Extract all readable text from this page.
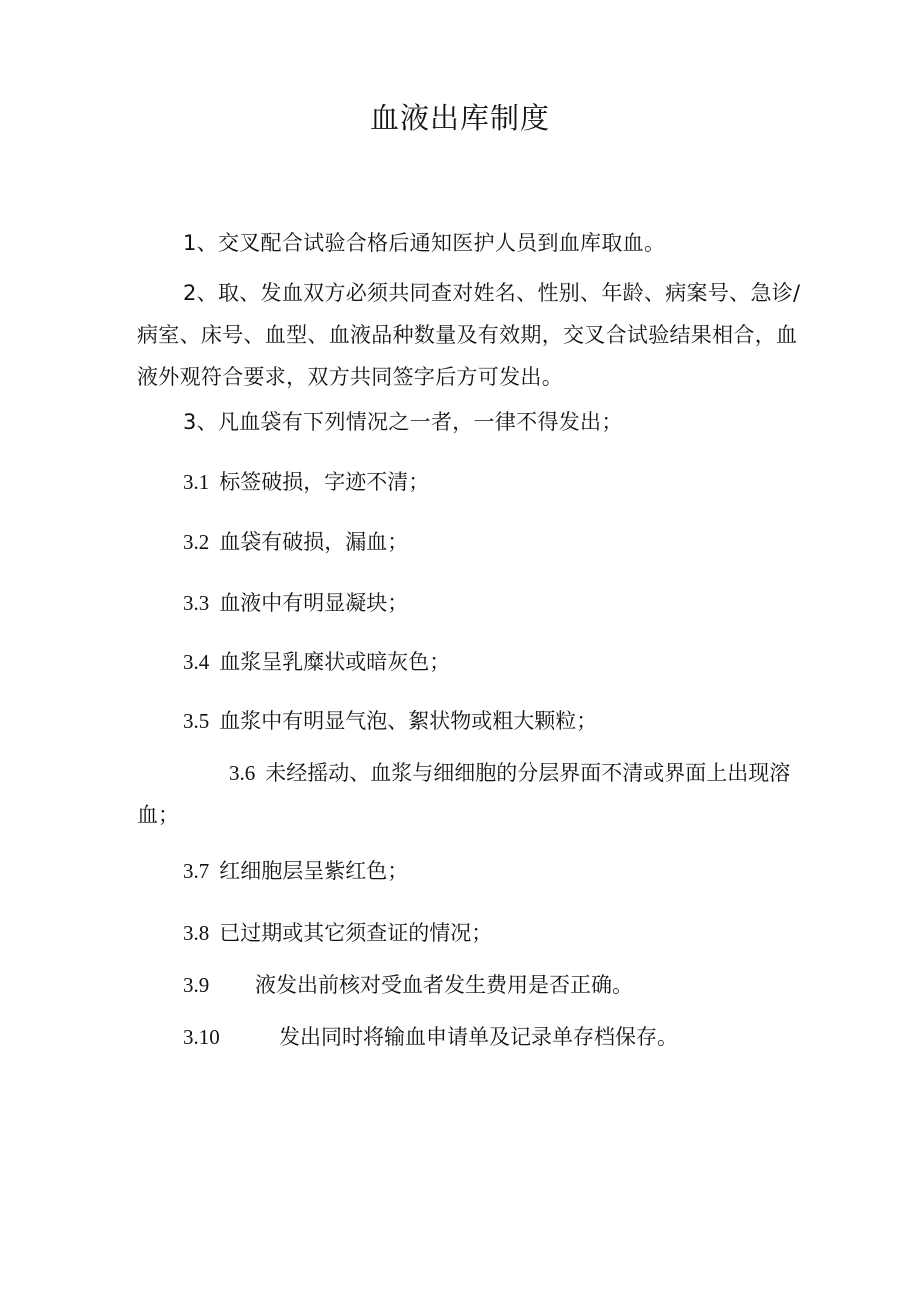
血液出库制度

1、交叉配合试验合格后通知医护人员到血库取血。

2、取、发血双方必须共同查对姓名、性别、年龄、病案号、急诊/病室、床号、血型、血液品种数量及有效期，交叉合试验结果相合，血液外观符合要求，双方共同签字后方可发出。

3、凡血袋有下列情况之一者，一律不得发出；

3.1 标签破损，字迹不清；

3.2 血袋有破损，漏血；

3.3 血液中有明显凝块；

3.4 血浆呈乳糜状或暗灰色；

3.5 血浆中有明显气泡、絮状物或粗大颗粒；

3.6 未经摇动、血浆与细细胞的分层界面不清或界面上出现溶血；

3.7 红细胞层呈紫红色；

3.8 已过期或其它须查证的情况；

3.9 液发出前核对受血者发生费用是否正确。

3.10	发出同时将输血申请单及记录单存档保存。
